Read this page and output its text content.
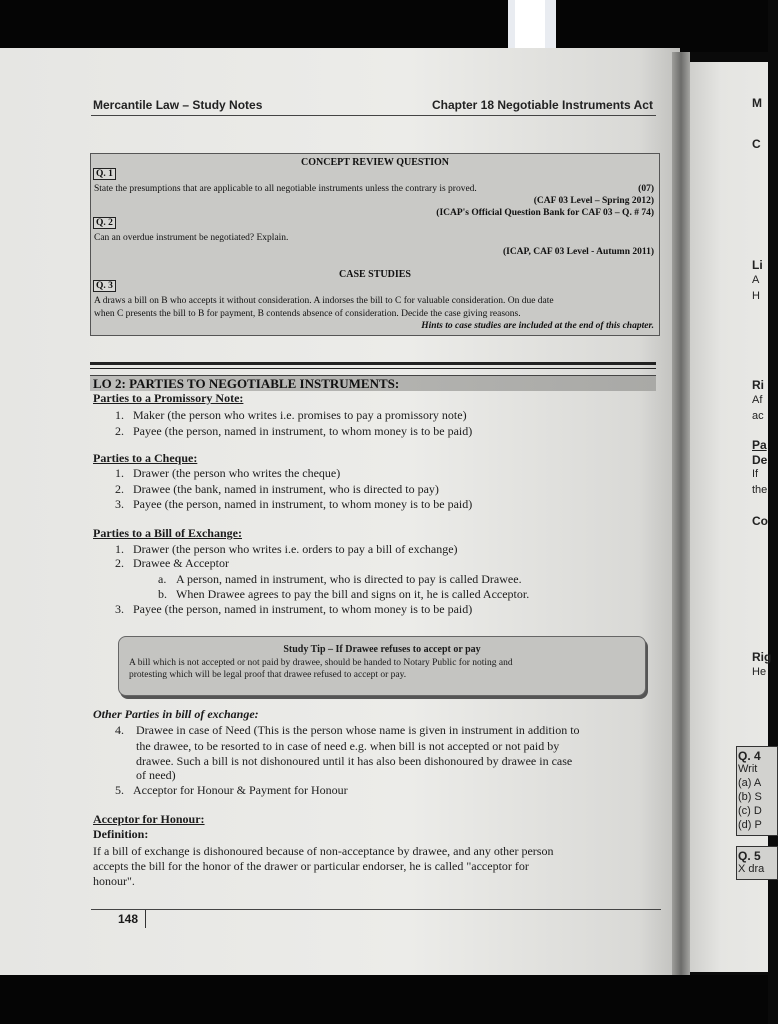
M
C
Li
A
H
Ri
Af
ac
Pa
De
If
the
Co
Rig
He
Q. 4
Writ
(a) A
(b) S
(c) D
(d) P
Q. 5
X dra
Mercantile Law – Study Notes	Chapter 18 Negotiable Instruments Act
CONCEPT REVIEW QUESTION
Q. 1
State the presumptions that are applicable to all negotiable instruments unless the contrary is proved.	(07)
(CAF 03 Level – Spring 2012)
(ICAP's Official Question Bank for CAF 03 – Q. # 74)
Q. 2
Can an overdue instrument be negotiated? Explain.
(ICAP, CAF 03 Level - Autumn 2011)
CASE STUDIES
Q. 3
A draws a bill on B who accepts it without consideration. A indorses the bill to C for valuable consideration. On due date
when C presents the bill to B for payment, B contends absence of consideration. Decide the case giving reasons.
Hints to case studies are included at the end of this chapter.
LO 2: PARTIES TO NEGOTIABLE INSTRUMENTS:
Parties to a Promissory Note:
1. Maker (the person who writes i.e. promises to pay a promissory note)
2. Payee (the person, named in instrument, to whom money is to be paid)
Parties to a Cheque:
1. Drawer (the person who writes the cheque)
2. Drawee (the bank, named in instrument, who is directed to pay)
3. Payee (the person, named in instrument, to whom money is to be paid)
Parties to a Bill of Exchange:
1. Drawer (the person who writes i.e. orders to pay a bill of exchange)
2. Drawee & Acceptor
a. A person, named in instrument, who is directed to pay is called Drawee.
b. When Drawee agrees to pay the bill and signs on it, he is called Acceptor.
3. Payee (the person, named in instrument, to whom money is to be paid)
Study Tip – If Drawee refuses to accept or pay
A bill which is not accepted or not paid by drawee, should be handed to Notary Public for noting and
protesting which will be legal proof that drawee refused to accept or pay.
Other Parties in bill of exchange:
4. Drawee in case of Need (This is the person whose name is given in instrument in addition to
the drawee, to be resorted to in case of need e.g. when bill is not accepted or not paid by
drawee. Such a bill is not dishonoured until it has also been dishonoured by drawee in case
of need)
5. Acceptor for Honour & Payment for Honour
Acceptor for Honour:
Definition:
If a bill of exchange is dishonoured because of non-acceptance by drawee, and any other person
accepts the bill for the honor of the drawer or particular endorser, he is called "acceptor for
honour".
148
